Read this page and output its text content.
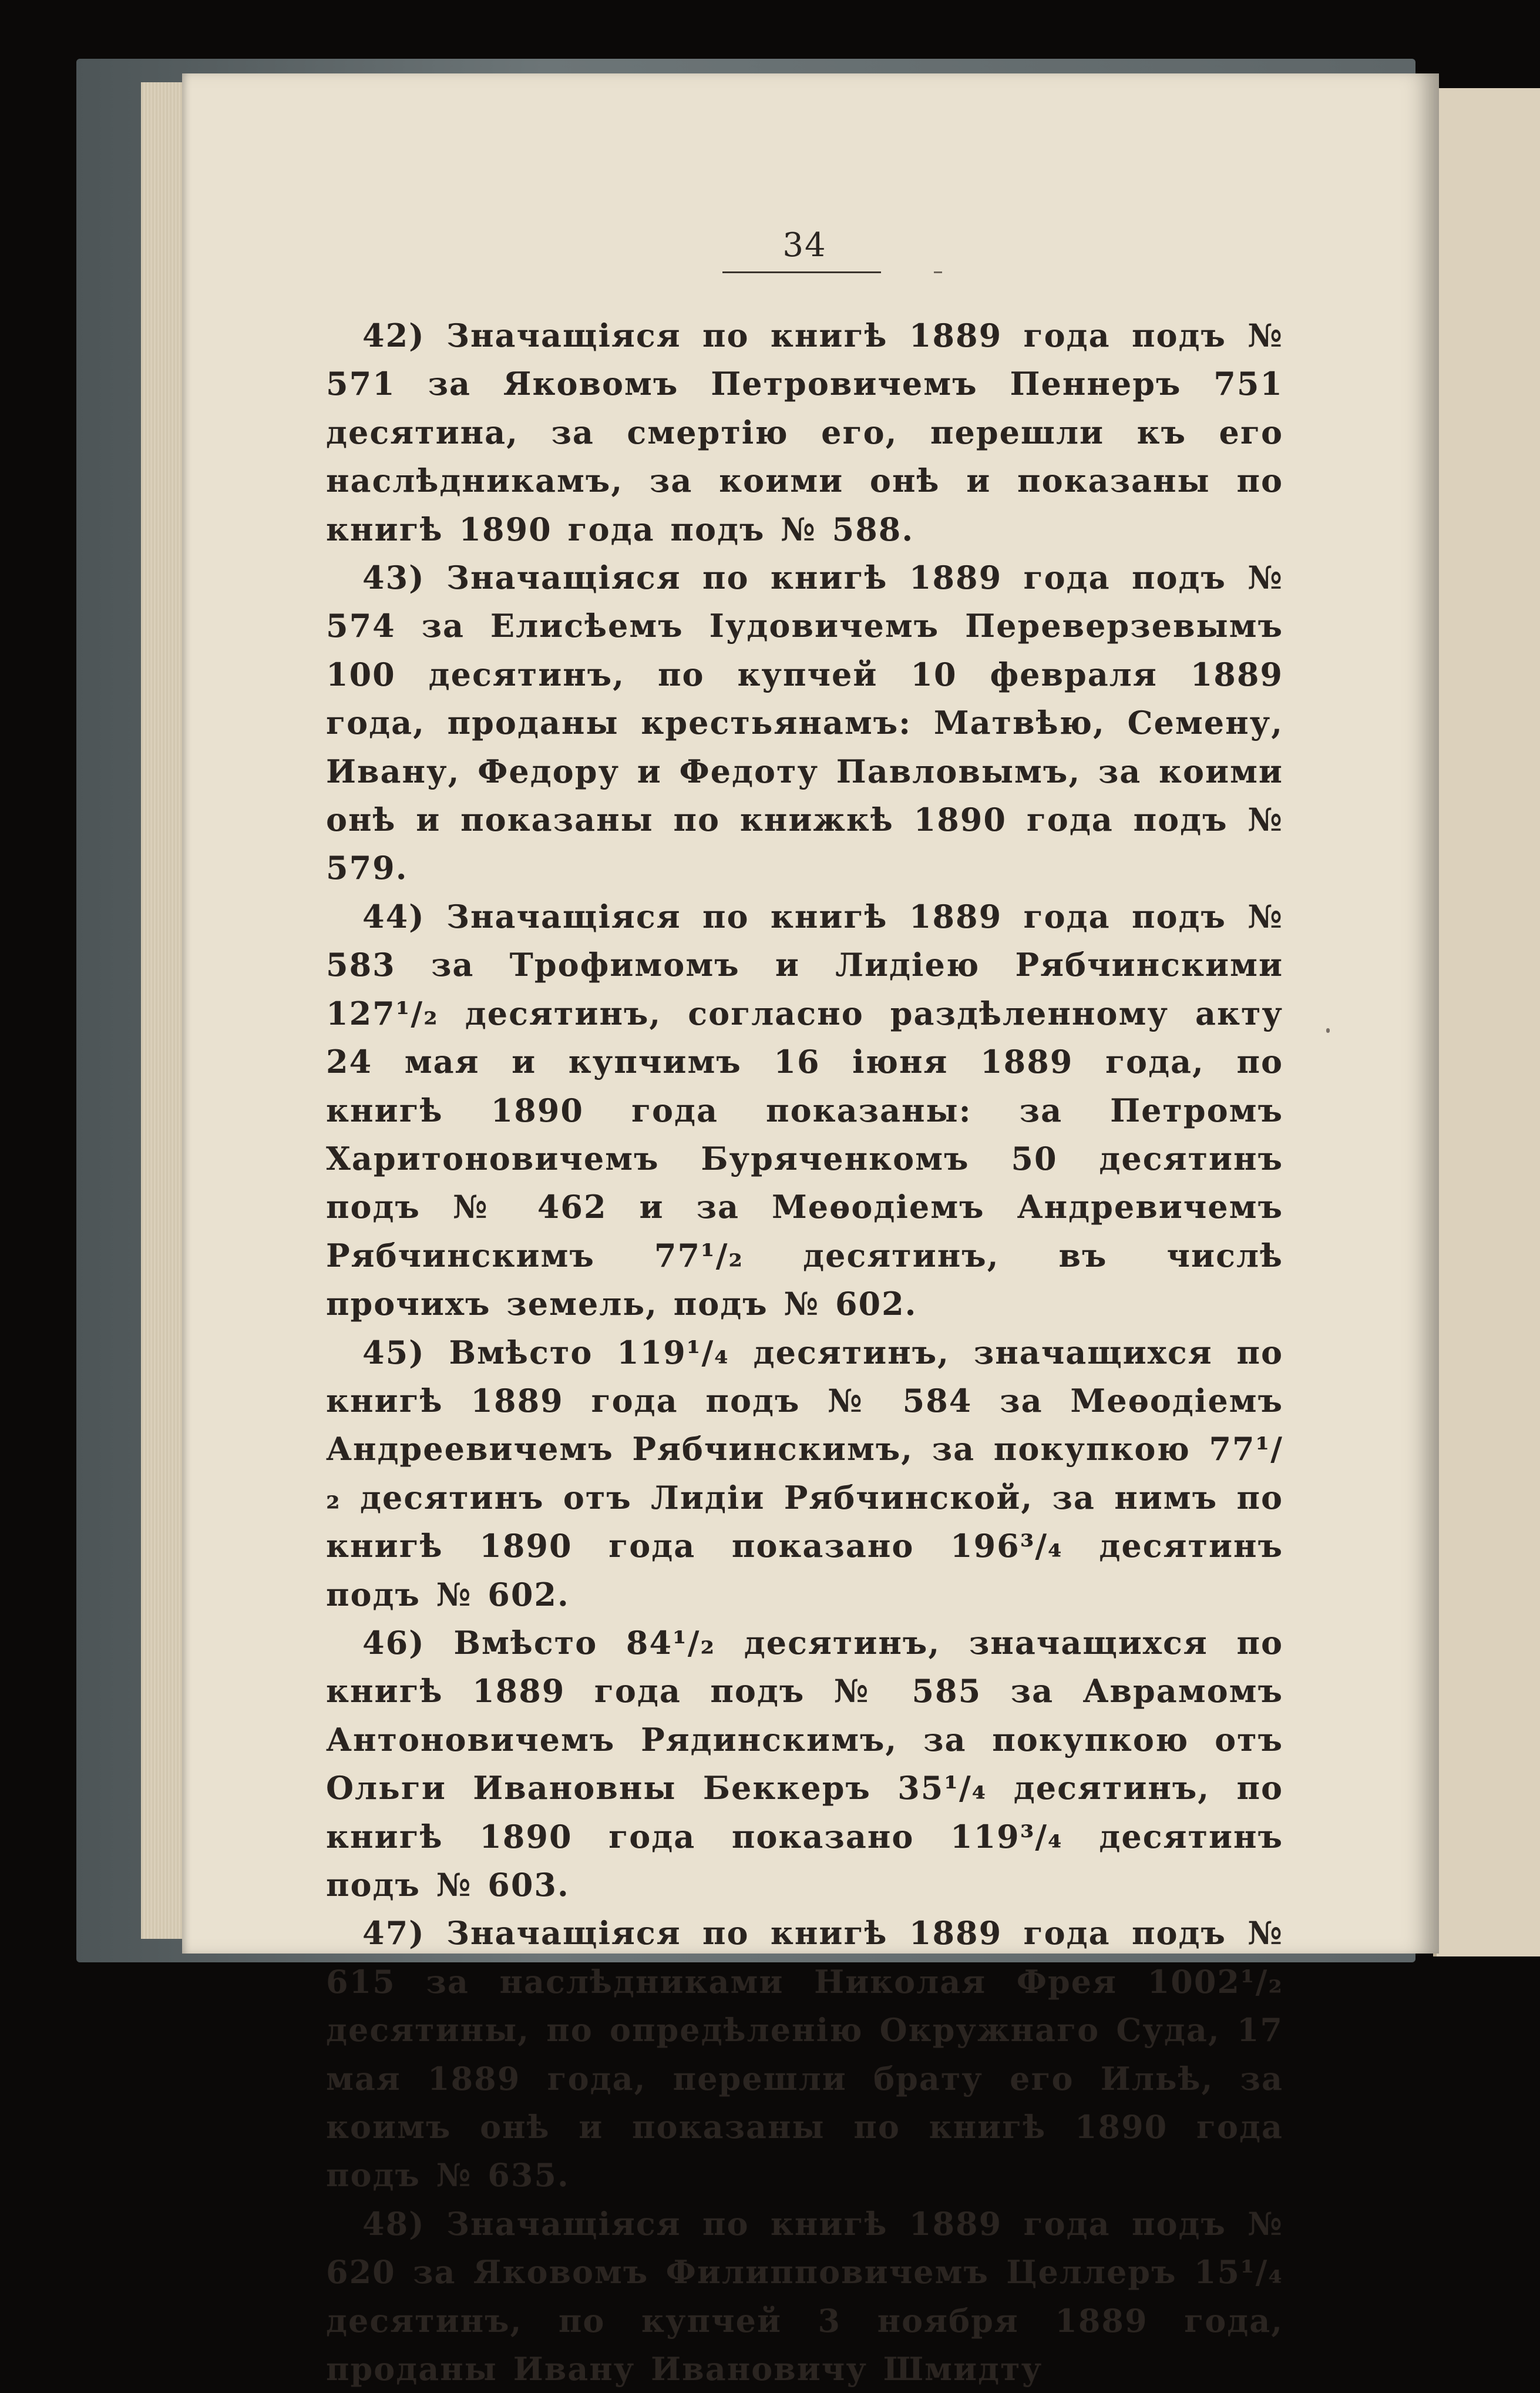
34

42) Значащіяся по книгѣ 1889 года подъ № 571 за Яковомъ Петровичемъ Пеннеръ 751 десятина, за смертію его, перешли къ его наслѣдникамъ, за коими онѣ и показаны по книгѣ 1890 года подъ № 588.

43) Значащіяся по книгѣ 1889 года подъ № 574 за Елисѣемъ Іудовичемъ Переверзевымъ 100 десятинъ, по купчей 10 февраля 1889 года, проданы крестьянамъ: Матвѣю, Семену, Ивану, Федору и Федоту Павловымъ, за коими онѣ и показаны по книжкѣ 1890 года подъ № 579.

44) Значащіяся по книгѣ 1889 года подъ № 583 за Трофимомъ и Лидіею Рябчинскими 127¹/₂ десятинъ, согласно раздѣленному акту 24 мая и купчимъ 16 іюня 1889 года, по книгѣ 1890 года показаны: за Петромъ Харитоновичемъ Буряченкомъ 50 десятинъ подъ № 462 и за Меѳодіемъ Андревичемъ Рябчинскимъ 77¹/₂ десятинъ, въ числѣ прочихъ земель, подъ № 602.

45) Вмѣсто 119¹/₄ десятинъ, значащихся по книгѣ 1889 года подъ № 584 за Меѳодіемъ Андреевичемъ Рябчинскимъ, за покупкою 77¹/₂ десятинъ отъ Лидіи Рябчинской, за нимъ по книгѣ 1890 года показано 196³/₄ десятинъ подъ № 602.

46) Вмѣсто 84¹/₂ десятинъ, значащихся по книгѣ 1889 года подъ № 585 за Аврамомъ Антоновичемъ Рядинскимъ, за покупкою отъ Ольги Ивановны Беккеръ 35¹/₄ десятинъ, по книгѣ 1890 года показано 119³/₄ десятинъ подъ № 603.

47) Значащіяся по книгѣ 1889 года подъ № 615 за наслѣдниками Николая Фрея 1002¹/₂ десятины, по опредѣленію Окружнаго Суда, 17 мая 1889 года, перешли брату его Ильѣ, за коимъ онѣ и показаны по книгѣ 1890 года подъ № 635.

48) Значащіяся по книгѣ 1889 года подъ № 620 за Яковомъ Филипповичемъ Целлеръ 15¹/₄ десятинъ, по купчей 3 ноября 1889 года, проданы Ивану Ивановичу Шмидту
